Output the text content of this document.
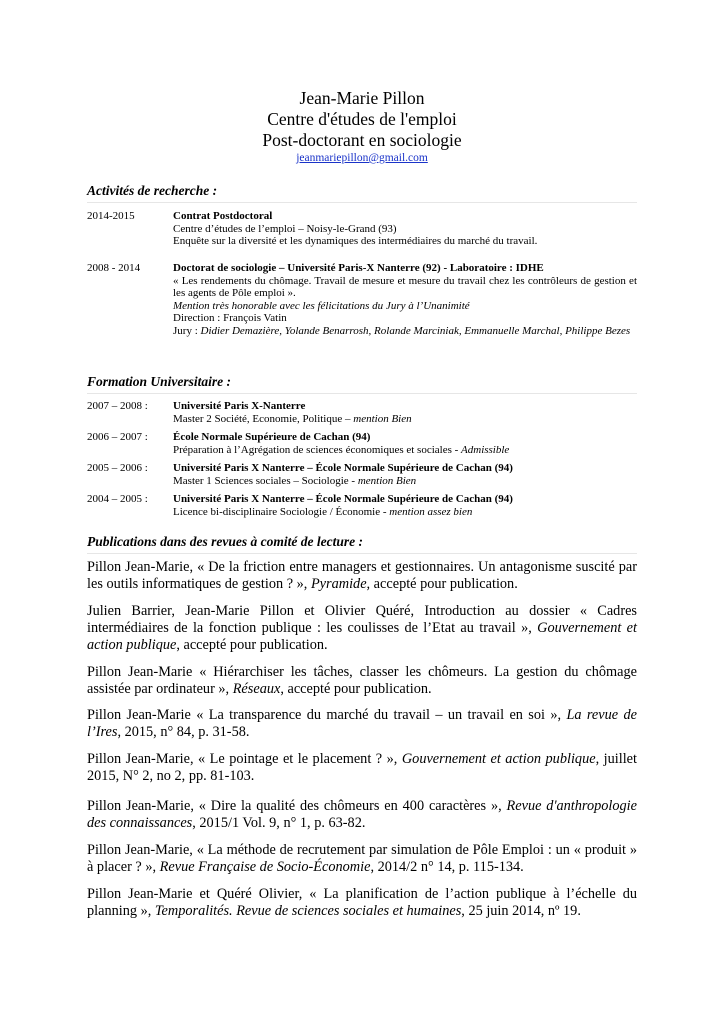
Jean-Marie Pillon
Centre d'études de l'emploi
Post-doctorant en sociologie
jeanmariepillon@gmail.com
Activités de recherche :
2014-2015	Contrat Postdoctoral
Centre d’études de l’emploi – Noisy-le-Grand (93)
Enquête sur la diversité et les dynamiques des intermédiaires du marché du travail.
2008 - 2014	Doctorat de sociologie – Université Paris-X Nanterre (92) - Laboratoire : IDHE
« Les rendements du chômage. Travail de mesure et mesure du travail chez les contrôleurs de gestion et les agents de Pôle emploi ».
Mention très honorable avec les félicitations du Jury à l’Unanimité
Direction : François Vatin
Jury : Didier Demazière, Yolande Benarrosh, Rolande Marciniak, Emmanuelle Marchal, Philippe Bezes
Formation Universitaire :
2007 – 2008 :	Université Paris X-Nanterre
Master 2 Société, Economie, Politique – mention Bien
2006 – 2007 :	École Normale Supérieure de Cachan (94)
Préparation à l’Agrégation de sciences économiques et sociales - Admissible
2005 – 2006 :	Université Paris X Nanterre – École Normale Supérieure de Cachan (94)
Master 1 Sciences sociales – Sociologie - mention Bien
2004 – 2005 :	Université Paris X Nanterre – École Normale Supérieure de Cachan (94)
Licence bi-disciplinaire Sociologie / Économie - mention assez bien
Publications dans des revues à comité de lecture :
Pillon Jean-Marie, « De la friction entre managers et gestionnaires. Un antagonisme suscité par les outils informatiques de gestion ? », Pyramide, accepté pour publication.
Julien Barrier, Jean-Marie Pillon et Olivier Quéré, Introduction au dossier « Cadres intermédiaires de la fonction publique : les coulisses de l’Etat au travail », Gouvernement et action publique, accepté pour publication.
Pillon Jean-Marie « Hiérarchiser les tâches, classer les chômeurs. La gestion du chômage assistée par ordinateur », Réseaux, accepté pour publication.
Pillon Jean-Marie « La transparence du marché du travail – un travail en soi », La revue de l’Ires, 2015, n° 84, p. 31-58.
Pillon Jean-Marie, « Le pointage et le placement ? », Gouvernement et action publique, juillet 2015, N° 2, no 2, pp. 81‑103.
Pillon Jean-Marie, « Dire la qualité des chômeurs en 400 caractères », Revue d'anthropologie des connaissances, 2015/1 Vol. 9, n° 1, p. 63-82.
Pillon Jean-Marie, « La méthode de recrutement par simulation de Pôle Emploi : un « produit » à placer ? », Revue Française de Socio-Économie, 2014/2 n° 14, p. 115-134.
Pillon Jean-Marie et Quéré Olivier, « La planification de l’action publique à l’échelle du planning », Temporalités. Revue de sciences sociales et humaines, 25 juin 2014, nº 19.
